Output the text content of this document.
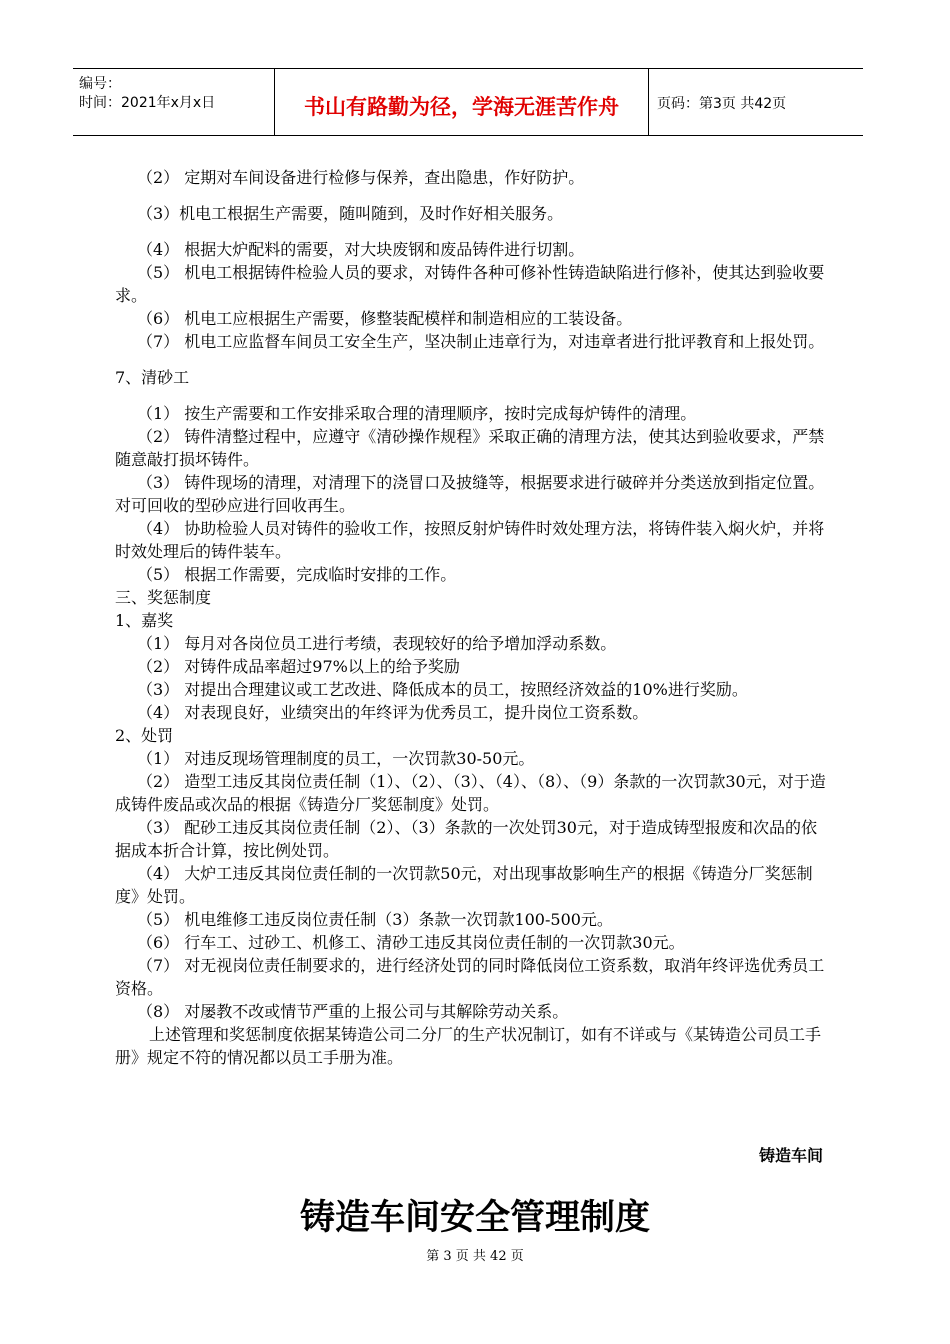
编号：
时间：2021年x月x日	书山有路勤为径，学海无涯苦作舟	页码：第3页 共42页

（2） 定期对车间设备进行检修与保养，查出隐患，作好防护。

（3）机电工根据生产需要，随叫随到，及时作好相关服务。

（4） 根据大炉配料的需要，对大块废钢和废品铸件进行切割。

（5） 机电工根据铸件检验人员的要求，对铸件各种可修补性铸造缺陷进行修补，使其达到验收要求。

（6） 机电工应根据生产需要，修整装配模样和制造相应的工装设备。

（7） 机电工应监督车间员工安全生产，坚决制止违章行为，对违章者进行批评教育和上报处罚。

7、清砂工

（1） 按生产需要和工作安排采取合理的清理顺序，按时完成每炉铸件的清理。

（2） 铸件清整过程中，应遵守《清砂操作规程》采取正确的清理方法，使其达到验收要求，严禁随意敲打损坏铸件。

（3） 铸件现场的清理，对清理下的浇冒口及披缝等，根据要求进行破碎并分类送放到指定位置。对可回收的型砂应进行回收再生。

（4） 协助检验人员对铸件的验收工作，按照反射炉铸件时效处理方法，将铸件装入焖火炉，并将时效处理后的铸件装车。

（5） 根据工作需要，完成临时安排的工作。

三、奖惩制度

1、嘉奖

（1） 每月对各岗位员工进行考绩，表现较好的给予增加浮动系数。

（2） 对铸件成品率超过97%以上的给予奖励

（3） 对提出合理建议或工艺改进、降低成本的员工，按照经济效益的10%进行奖励。

（4） 对表现良好，业绩突出的年终评为优秀员工，提升岗位工资系数。

2、处罚

（1） 对违反现场管理制度的员工，一次罚款30-50元。

（2） 造型工违反其岗位责任制（1）、（2）、（3）、（4）、（8）、（9）条款的一次罚款30元，对于造成铸件废品或次品的根据《铸造分厂奖惩制度》处罚。

（3） 配砂工违反其岗位责任制（2）、（3）条款的一次处罚30元，对于造成铸型报废和次品的依据成本折合计算，按比例处罚。

（4） 大炉工违反其岗位责任制的一次罚款50元，对出现事故影响生产的根据《铸造分厂奖惩制度》处罚。

（5） 机电维修工违反岗位责任制（3）条款一次罚款100-500元。

（6） 行车工、过砂工、机修工、清砂工违反其岗位责任制的一次罚款30元。

（7） 对无视岗位责任制要求的，进行经济处罚的同时降低岗位工资系数，取消年终评选优秀员工资格。

（8） 对屡教不改或情节严重的上报公司与其解除劳动关系。

上述管理和奖惩制度依据某铸造公司二分厂的生产状况制订，如有不详或与《某铸造公司员工手册》规定不符的情况都以员工手册为准。

铸造车间
铸造车间安全管理制度
第 3 页 共 42 页
